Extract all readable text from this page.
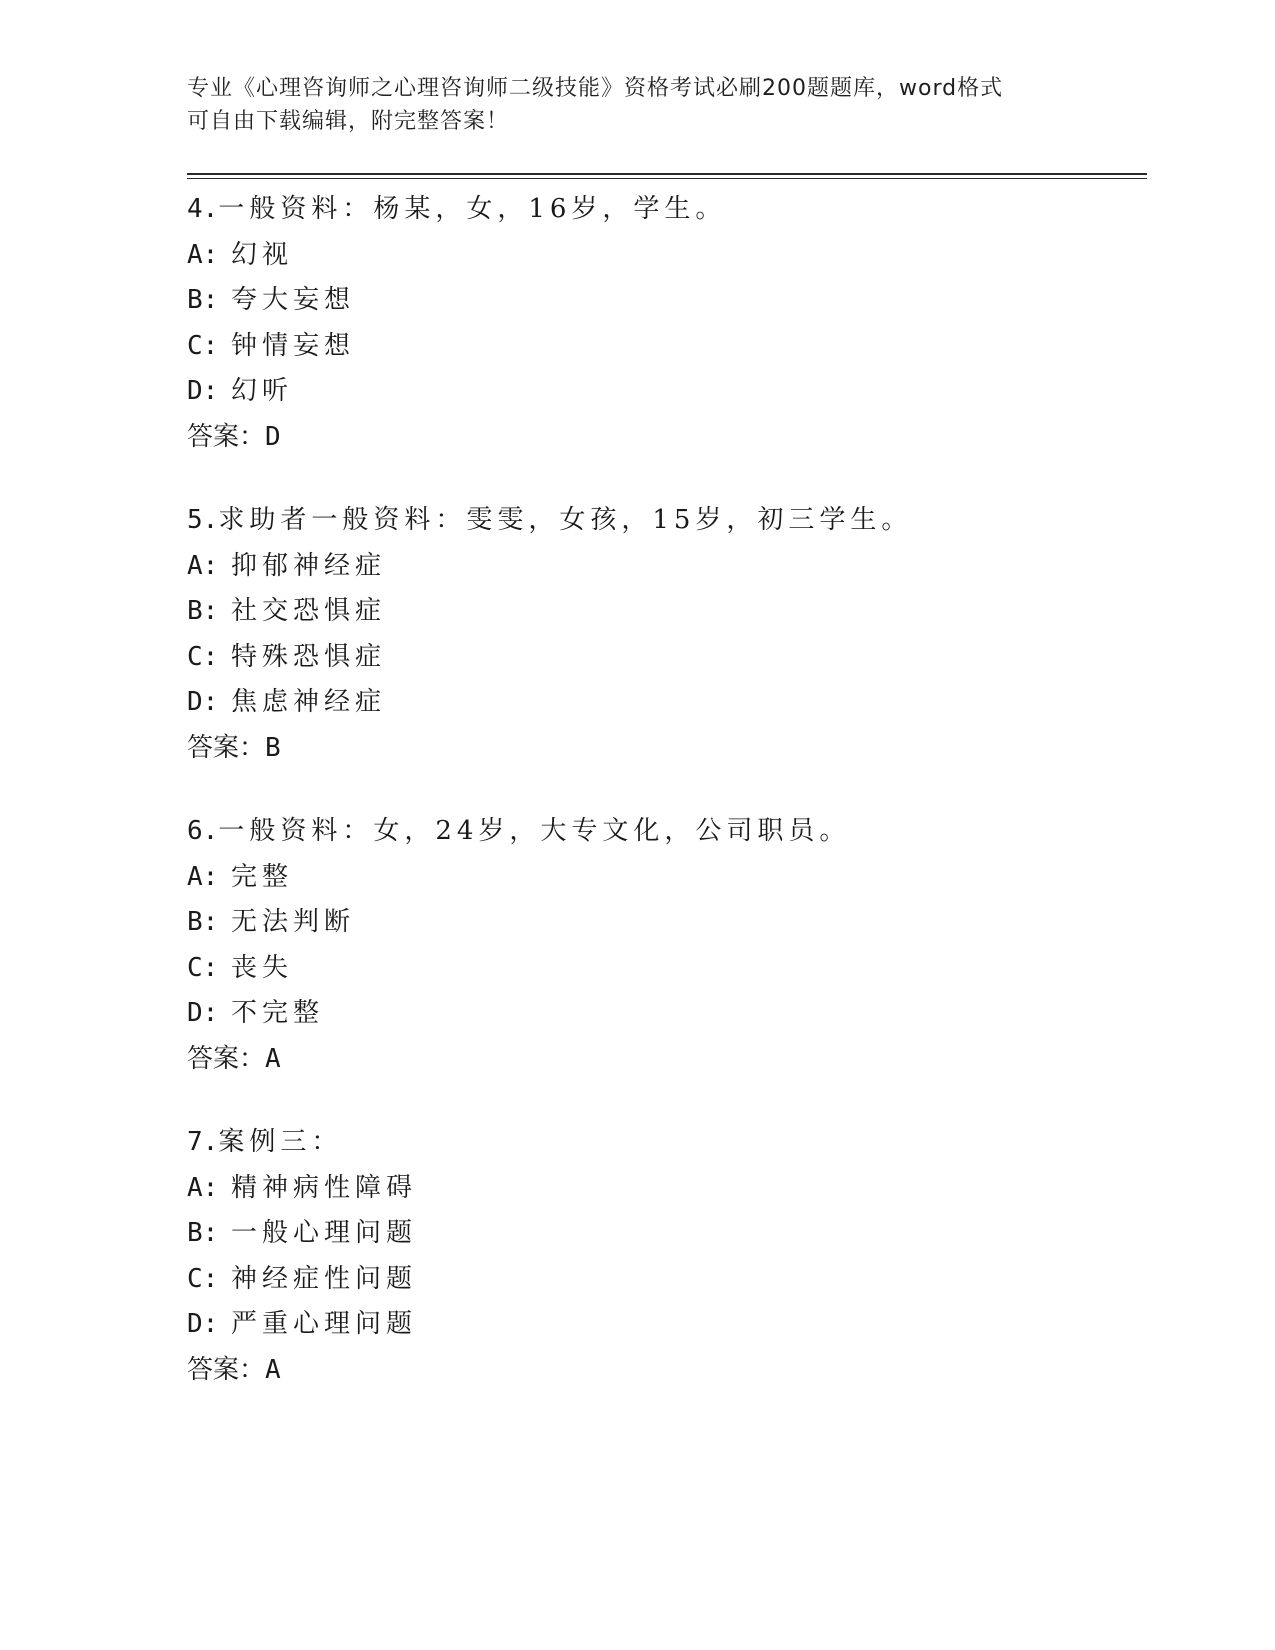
专业《心理咨询师之心理咨询师二级技能》资格考试必刷200题题库，word格式

可自由下载编辑，附完整答案！

4.一般资料：杨某，女，16岁，学生。

A: 幻视

B: 夸大妄想

C: 钟情妄想

D: 幻听

答案：D

5.求助者一般资料：雯雯，女孩，15岁，初三学生。

A: 抑郁神经症

B: 社交恐惧症

C: 特殊恐惧症

D: 焦虑神经症

答案：B

6.一般资料：女，24岁，大专文化，公司职员。

A: 完整

B: 无法判断

C: 丧失

D: 不完整

答案：A

7.案例三：

A: 精神病性障碍

B: 一般心理问题

C: 神经症性问题

D: 严重心理问题

答案：A
